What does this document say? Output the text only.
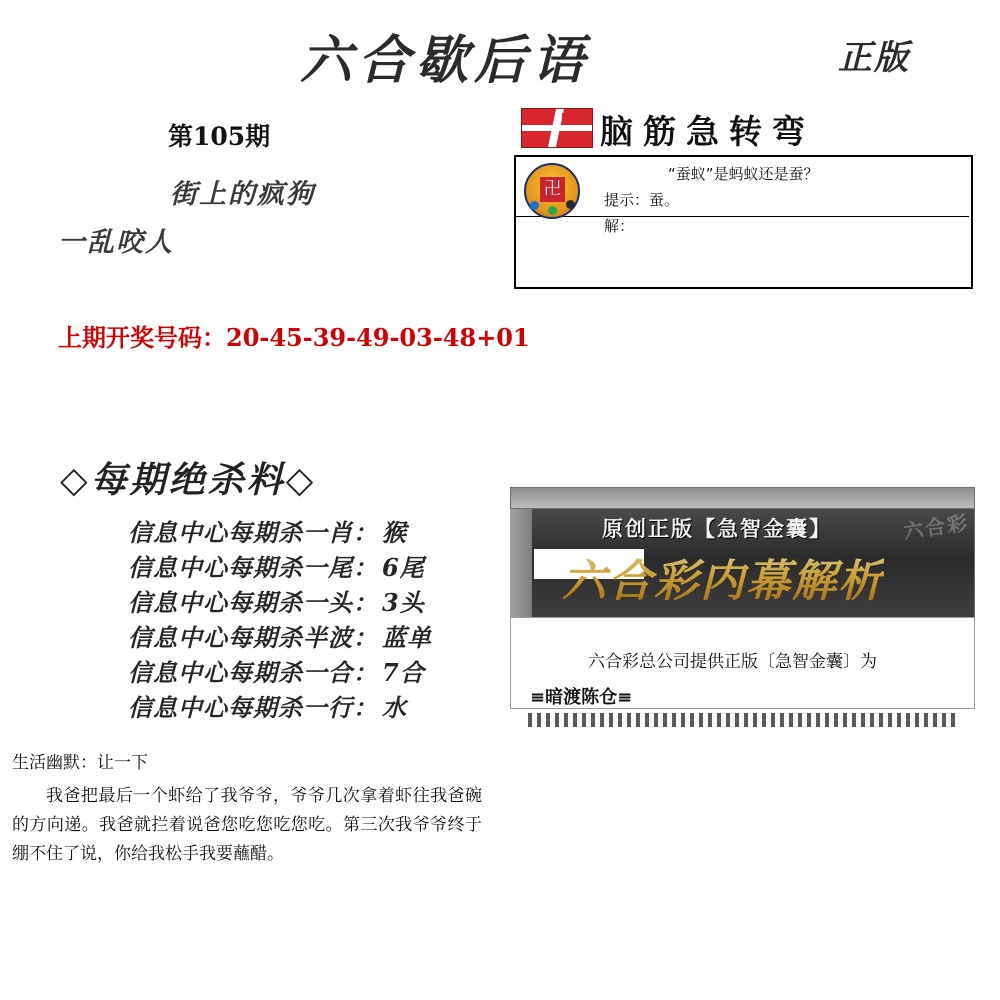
六合歇后语	正版
第105期
街上的疯狗
一乱咬人
上期开奖号码：20-45-39-49-03-48+01
脑筋急转弯
卍
“蚕蚁”是蚂蚁还是蚕？
提示：蚕。
解：
◇每期绝杀料◇
信息中心每期杀一肖： 猴
信息中心每期杀一尾： 6尾
信息中心每期杀一头： 3头
信息中心每期杀半波： 蓝单
信息中心每期杀一合： 7合
信息中心每期杀一行： 水
原创正版【急智金囊】	六合彩
六合彩内幕解析
六合彩总公司提供正版〔急智金囊〕为
≡暗渡陈仓≡
生活幽默：让一下
我爸把最后一个虾给了我爷爷，爷爷几次拿着虾往我爸碗的方向递。我爸就拦着说爸您吃您吃您吃。第三次我爷爷终于绷不住了说，你给我松手我要蘸醋。
